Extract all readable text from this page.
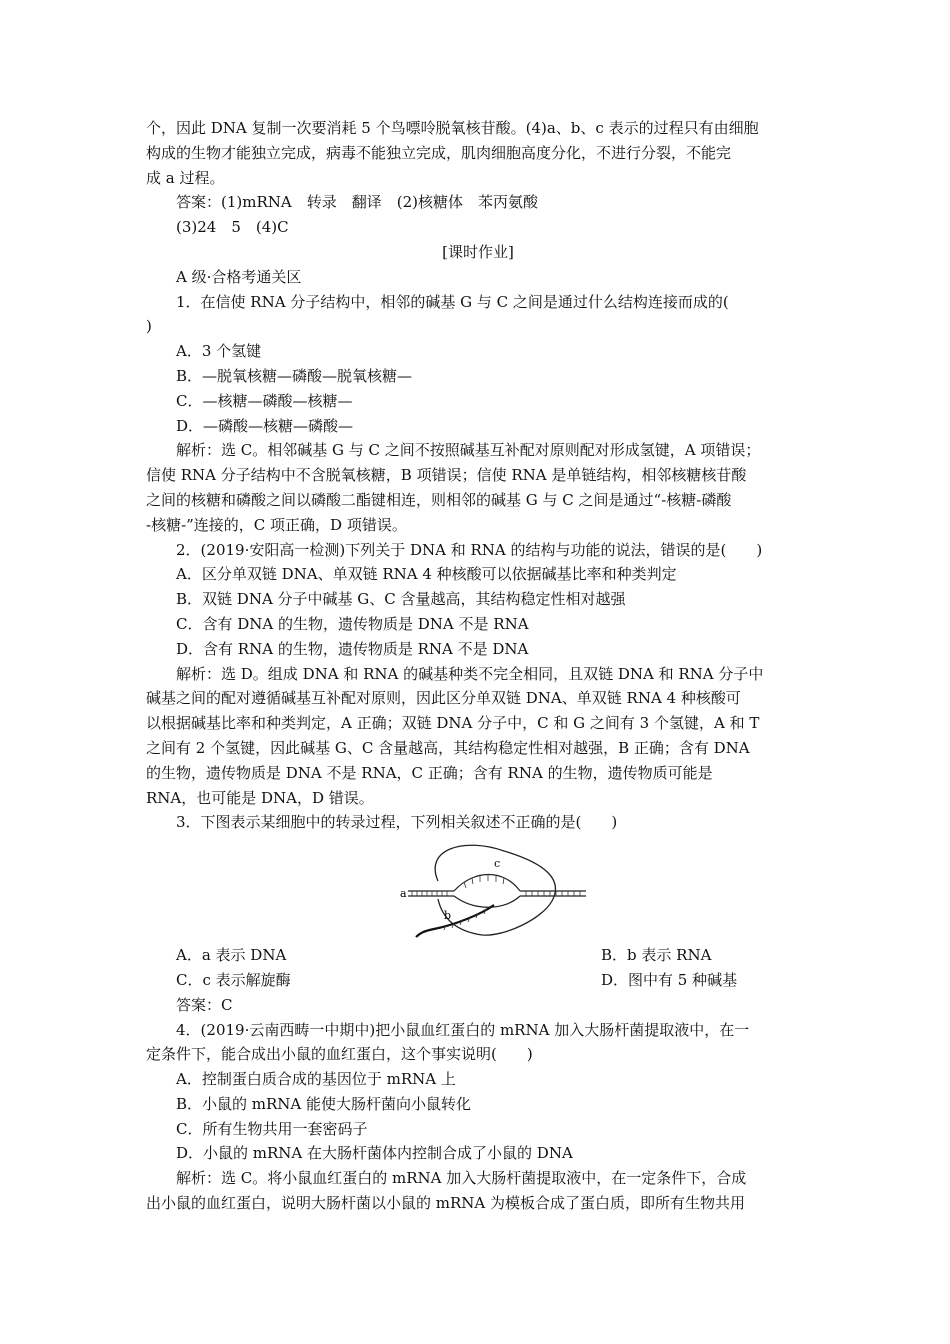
个，因此 DNA 复制一次要消耗 5 个鸟嘌呤脱氧核苷酸。(4)a、b、c 表示的过程只有由细胞
构成的生物才能独立完成，病毒不能独立完成，肌肉细胞高度分化，不进行分裂，不能完
成 a 过程。
答案：(1)mRNA　转录　翻译　(2)核糖体　苯丙氨酸
(3)24　5　(4)C
[课时作业]
A 级·合格考通关区
1．在信使 RNA 分子结构中，相邻的碱基 G 与 C 之间是通过什么结构连接而成的(
)
A．3 个氢键
B．—脱氧核糖—磷酸—脱氧核糖—
C．—核糖—磷酸—核糖—
D．—磷酸—核糖—磷酸—
解析：选 C。相邻碱基 G 与 C 之间不按照碱基互补配对原则配对形成氢键，A 项错误；
信使 RNA 分子结构中不含脱氧核糖，B 项错误；信使 RNA 是单链结构，相邻核糖核苷酸
之间的核糖和磷酸之间以磷酸二酯键相连，则相邻的碱基 G 与 C 之间是通过“-核糖-磷酸
-核糖-”连接的，C 项正确，D 项错误。
2．(2019·安阳高一检测)下列关于 DNA 和 RNA 的结构与功能的说法，错误的是(　　)
A．区分单双链 DNA、单双链 RNA 4 种核酸可以依据碱基比率和种类判定
B．双链 DNA 分子中碱基 G、C 含量越高，其结构稳定性相对越强
C．含有 DNA 的生物，遗传物质是 DNA 不是 RNA
D．含有 RNA 的生物，遗传物质是 RNA 不是 DNA
解析：选 D。组成 DNA 和 RNA 的碱基种类不完全相同，且双链 DNA 和 RNA 分子中
碱基之间的配对遵循碱基互补配对原则，因此区分单双链 DNA、单双链 RNA 4 种核酸可
以根据碱基比率和种类判定，A 正确；双链 DNA 分子中，C 和 G 之间有 3 个氢键，A 和 T
之间有 2 个氢键，因此碱基 G、C 含量越高，其结构稳定性相对越强，B 正确；含有 DNA
的生物，遗传物质是 DNA 不是 RNA，C 正确；含有 RNA 的生物，遗传物质可能是
RNA，也可能是 DNA，D 错误。
3．下图表示某细胞中的转录过程，下列相关叙述不正确的是(　　)
a
b
c
A．a 表示 DNA	B．b 表示 RNA
C．c 表示解旋酶	D．图中有 5 种碱基
答案：C
4．(2019·云南西畴一中期中)把小鼠血红蛋白的 mRNA 加入大肠杆菌提取液中，在一
定条件下，能合成出小鼠的血红蛋白，这个事实说明(　　)
A．控制蛋白质合成的基因位于 mRNA 上
B．小鼠的 mRNA 能使大肠杆菌向小鼠转化
C．所有生物共用一套密码子
D．小鼠的 mRNA 在大肠杆菌体内控制合成了小鼠的 DNA
解析：选 C。将小鼠血红蛋白的 mRNA 加入大肠杆菌提取液中，在一定条件下，合成
出小鼠的血红蛋白，说明大肠杆菌以小鼠的 mRNA 为模板合成了蛋白质，即所有生物共用
